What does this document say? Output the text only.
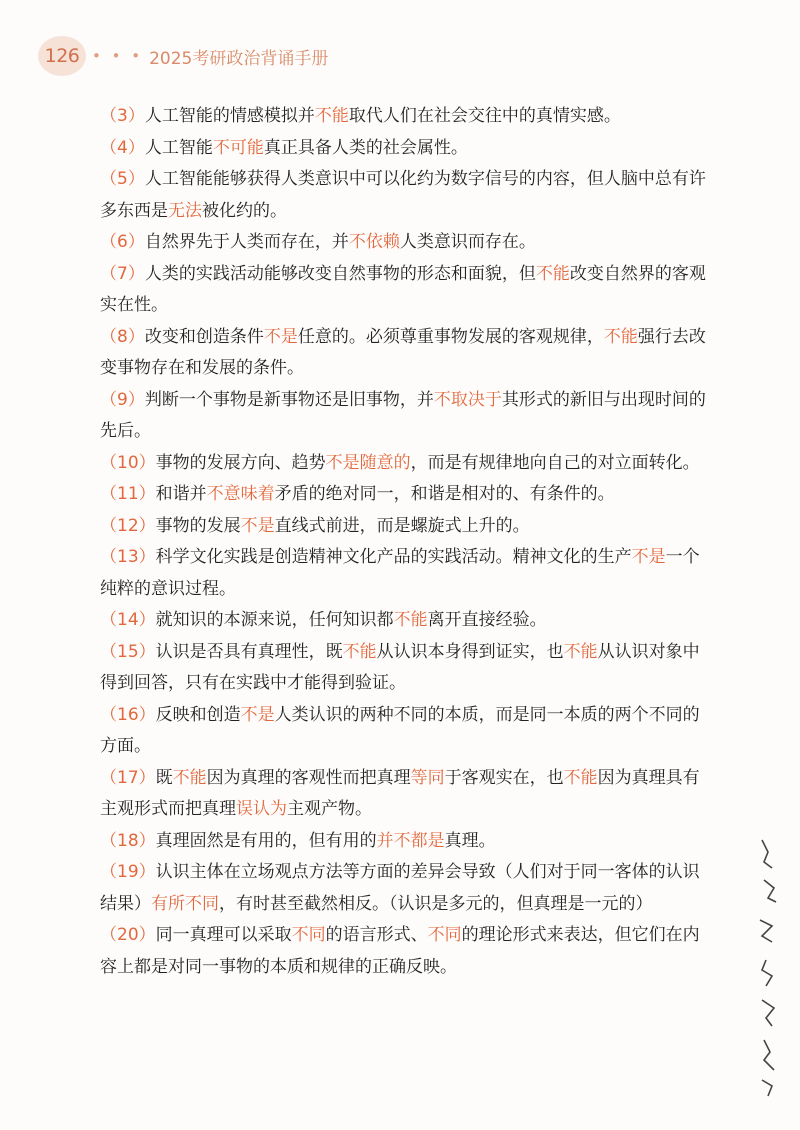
126 • • • 2025考研政治背诵手册

（3）人工智能的情感模拟并不能取代人们在社会交往中的真情实感。

（4）人工智能不可能真正具备人类的社会属性。

（5）人工智能能够获得人类意识中可以化约为数字信号的内容，但人脑中总有许多东西是无法被化约的。

（6）自然界先于人类而存在，并不依赖人类意识而存在。

（7）人类的实践活动能够改变自然事物的形态和面貌，但不能改变自然界的客观实在性。

（8）改变和创造条件不是任意的。必须尊重事物发展的客观规律，不能强行去改变事物存在和发展的条件。

（9）判断一个事物是新事物还是旧事物，并不取决于其形式的新旧与出现时间的先后。

（10）事物的发展方向、趋势不是随意的，而是有规律地向自己的对立面转化。

（11）和谐并不意味着矛盾的绝对同一，和谐是相对的、有条件的。

（12）事物的发展不是直线式前进，而是螺旋式上升的。

（13）科学文化实践是创造精神文化产品的实践活动。精神文化的生产不是一个纯粹的意识过程。

（14）就知识的本源来说，任何知识都不能离开直接经验。

（15）认识是否具有真理性，既不能从认识本身得到证实，也不能从认识对象中得到回答，只有在实践中才能得到验证。

（16）反映和创造不是人类认识的两种不同的本质，而是同一本质的两个不同的方面。

（17）既不能因为真理的客观性而把真理等同于客观实在，也不能因为真理具有主观形式而把真理误认为主观产物。

（18）真理固然是有用的，但有用的并不都是真理。

（19）认识主体在立场观点方法等方面的差异会导致（人们对于同一客体的认识结果）有所不同，有时甚至截然相反。（认识是多元的，但真理是一元的）

（20）同一真理可以采取不同的语言形式、不同的理论形式来表达，但它们在内容上都是对同一事物的本质和规律的正确反映。
